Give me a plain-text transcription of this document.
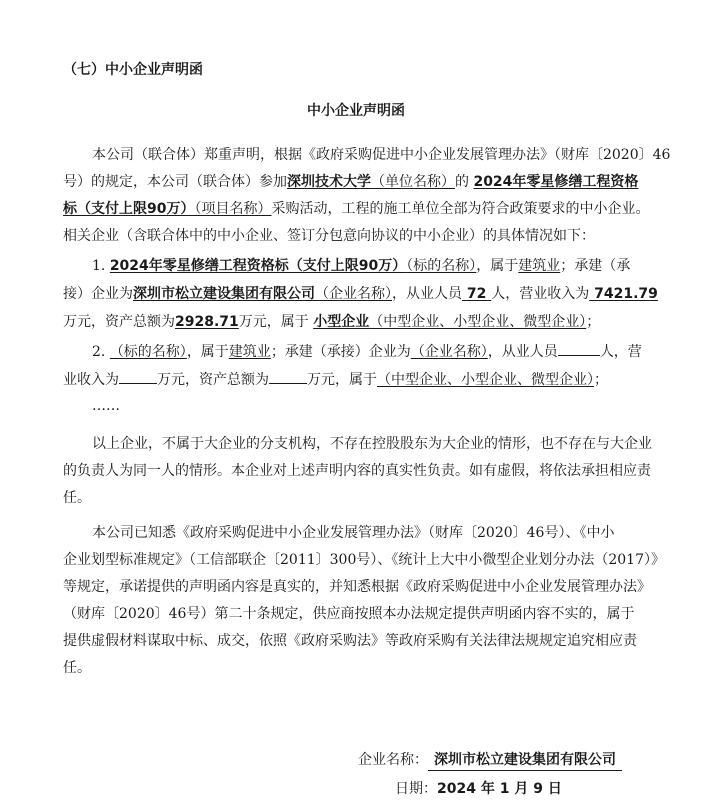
（七）中小企业声明函
中小企业声明函
本公司（联合体）郑重声明，根据《政府采购促进中小企业发展管理办法》（财库〔2020〕46
号）的规定，本公司（联合体）参加深圳技术大学（单位名称）的 2024年零星修缮工程资格
标（支付上限90万）（项目名称）采购活动，工程的施工单位全部为符合政策要求的中小企业。
相关企业（含联合体中的中小企业、签订分包意向协议的中小企业）的具体情况如下：
1. 2024年零星修缮工程资格标（支付上限90万）（标的名称），属于建筑业；承建（承
接）企业为深圳市松立建设集团有限公司（企业名称），从业人员 72 人，营业收入为 7421.79
万元，资产总额为2928.71万元，属于 小型企业（中型企业、小型企业、微型企业）；
2. （标的名称），属于建筑业；承建（承接）企业为（企业名称），从业人员	人，营
业收入为	万元，资产总额为	万元，属于（中型企业、小型企业、微型企业）；
……
以上企业，不属于大企业的分支机构，不存在控股股东为大企业的情形，也不存在与大企业
的负责人为同一人的情形。本企业对上述声明内容的真实性负责。如有虚假，将依法承担相应责
任。
本公司已知悉《政府采购促进中小企业发展管理办法》（财库〔2020〕46号）、《中小
企业划型标准规定》（工信部联企〔2011〕300号）、《统计上大中小微型企业划分办法（2017）》
等规定，承诺提供的声明函内容是真实的，并知悉根据《政府采购促进中小企业发展管理办法》
（财库〔2020〕46号）第二十条规定，供应商按照本办法规定提供声明函内容不实的，属于
提供虚假材料谋取中标、成交，依照《政府采购法》等政府采购有关法律法规规定追究相应责
任。
企业名称： 深圳市松立建设集团有限公司
日期：2024 年 1 月 9 日
